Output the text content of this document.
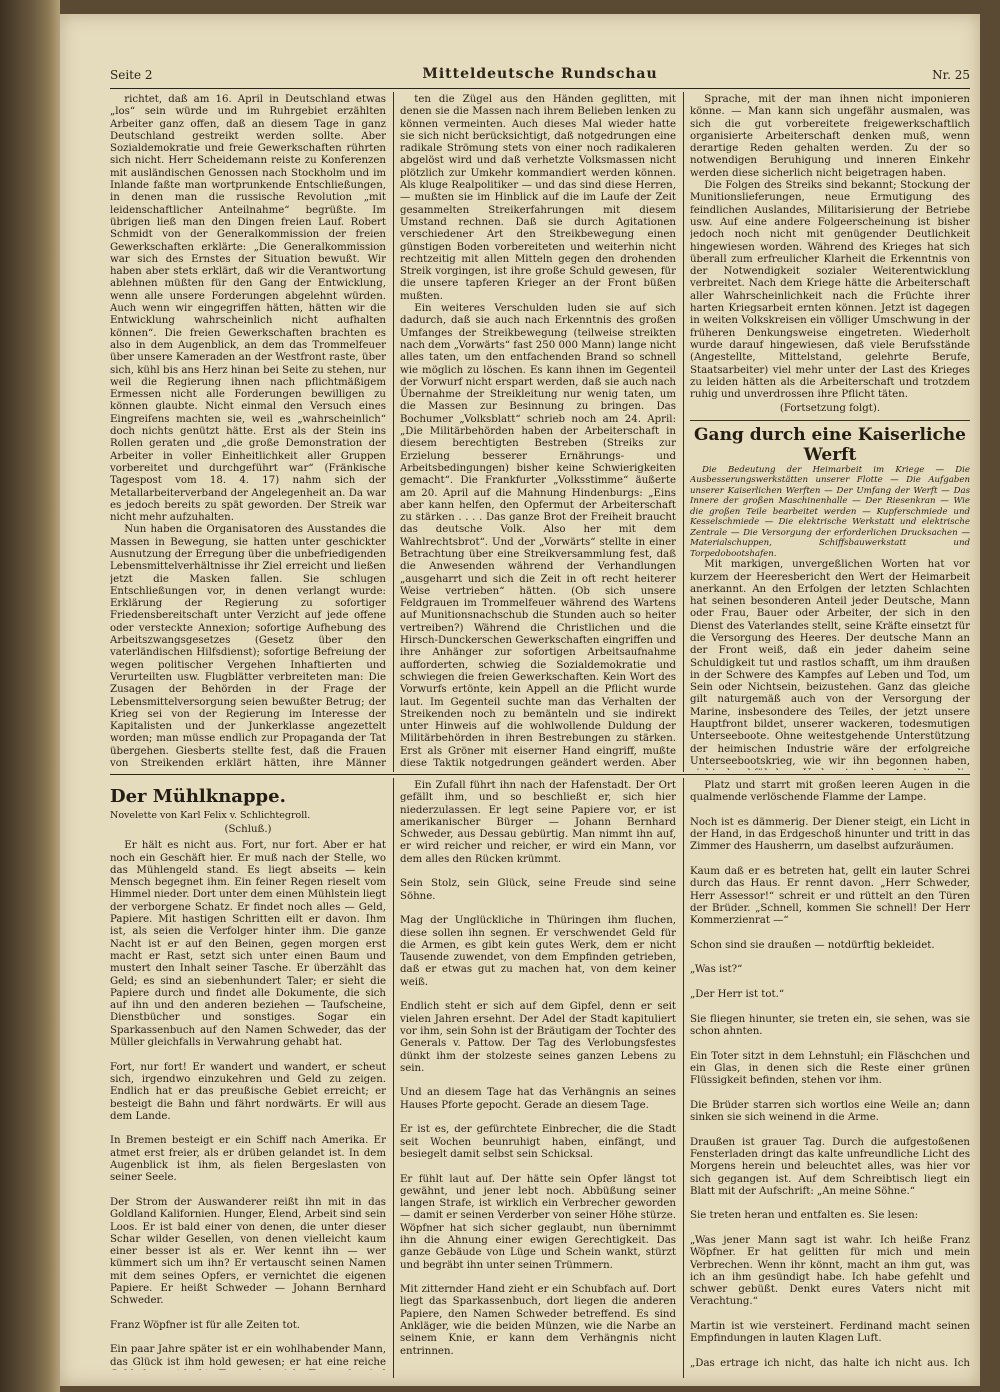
Seite 2	Mitteldeutsche Rundschau	Nr. 25

richtet, daß am 16. April in Deutschland etwas „los“ sein würde und im Ruhrgebiet erzählten Arbeiter ganz offen, daß an diesem Tage in ganz Deutschland gestreikt werden sollte. Aber Sozialdemokratie und freie Gewerkschaften rührten sich nicht. Herr Scheidemann reiste zu Konferenzen mit ausländischen Genossen nach Stockholm und im Inlande faßte man wortprunkende Entschließungen, in denen man die russische Revolution „mit leidenschaftlicher Anteilnahme“ begrüßte. Im übrigen ließ man den Dingen freien Lauf. Robert Schmidt von der Generalkommission der freien Gewerkschaften erklärte: „Die Generalkommission war sich des Ernstes der Situation bewußt. Wir haben aber stets erklärt, daß wir die Verantwortung ablehnen müßten für den Gang der Entwicklung, wenn alle unsere Forderungen abgelehnt würden. Auch wenn wir eingegriffen hätten, hätten wir die Entwicklung wahrscheinlich nicht aufhalten können“. Die freien Gewerkschaften brachten es also in dem Augenblick, an dem das Trommelfeuer über unsere Kameraden an der Westfront raste, über sich, kühl bis ans Herz hinan bei Seite zu stehen, nur weil die Regierung ihnen nach pflichtmäßigem Ermessen nicht alle Forderungen bewilligen zu können glaubte. Nicht einmal den Versuch eines Eingreifens machten sie, weil es „wahrscheinlich“ doch nichts genützt hätte. Erst als der Stein ins Rollen geraten und „die große Demonstration der Arbeiter in voller Einheitlichkeit aller Gruppen vorbereitet und durchgeführt war“ (Fränkische Tagespost vom 18. 4. 17) nahm sich der Metallarbeiterverband der Angelegenheit an. Da war es jedoch bereits zu spät geworden. Der Streik war nicht mehr aufzuhalten.

Nun haben die Organisatoren des Ausstandes die Massen in Bewegung, sie hatten unter geschickter Ausnutzung der Erregung über die unbefriedigenden Lebensmittelverhältnisse ihr Ziel erreicht und ließen jetzt die Masken fallen. Sie schlugen Entschließungen vor, in denen verlangt wurde: Erklärung der Regierung zu sofortiger Friedensbereitschaft unter Verzicht auf jede offene oder versteckte Annexion; sofortige Aufhebung des Arbeitszwangsgesetzes (Gesetz über den vaterländischen Hilfsdienst); sofortige Befreiung der wegen politischer Vergehen Inhaftierten und Verurteilten usw. Flugblätter verbreiteten man: Die Zusagen der Behörden in der Frage der Lebensmittelversorgung seien bewußter Betrug; der Krieg sei von der Regierung im Interesse der Kapitalisten und der Junkerklasse angezettelt worden; man müsse endlich zur Propaganda der Tat übergehen. Giesberts stellte fest, daß die Frauen von Streikenden erklärt hätten, ihre Männer

ten die Zügel aus den Händen geglitten, mit denen sie die Massen nach ihrem Belieben lenken zu können vermeinten. Auch dieses Mal wieder hatte sie sich nicht berücksichtigt, daß notgedrungen eine radikale Strömung stets von einer noch radikaleren abgelöst wird und daß verhetzte Volksmassen nicht plötzlich zur Umkehr kommandiert werden können. Als kluge Realpolitiker — und das sind diese Herren, — mußten sie im Hinblick auf die im Laufe der Zeit gesammelten Streikerfahrungen mit diesem Umstand rechnen. Daß sie durch Agitationen verschiedener Art den Streikbewegung einen günstigen Boden vorbereiteten und weiterhin nicht rechtzeitig mit allen Mitteln gegen den drohenden Streik vorgingen, ist ihre große Schuld gewesen, für die unsere tapferen Krieger an der Front büßen mußten.

Ein weiteres Verschulden luden sie auf sich dadurch, daß sie auch nach Erkenntnis des großen Umfanges der Streikbewegung (teilweise streikten nach dem „Vorwärts“ fast 250 000 Mann) lange nicht alles taten, um den entfachenden Brand so schnell wie möglich zu löschen. Es kann ihnen im Gegenteil der Vorwurf nicht erspart werden, daß sie auch nach Übernahme der Streikleitung nur wenig taten, um die Massen zur Besinnung zu bringen. Das Bochumer „Volksblatt“ schrieb noch am 24. April: „Die Militärbehörden haben der Arbeiterschaft in diesem berechtigten Bestreben (Streiks zur Erzielung besserer Ernährungs- und Arbeitsbedingungen) bisher keine Schwierigkeiten gemacht“. Die Frankfurter „Volksstimme“ äußerte am 20. April auf die Mahnung Hindenburgs: „Eins aber kann helfen, den Opfermut der Arbeiterschaft zu stärken . . . . Das ganze Brot der Freiheit braucht das deutsche Volk. Also her mit dem Wahlrechtsbrot“. Und der „Vorwärts“ stellte in einer Betrachtung über eine Streikversammlung fest, daß die Anwesenden während der Verhandlungen „ausgeharrt und sich die Zeit in oft recht heiterer Weise vertrieben“ hätten. (Ob sich unsere Feldgrauen im Trommelfeuer während des Wartens auf Munitionsnachschub die Stunden auch so heiter vertreiben?) Während die Christlichen und die Hirsch-Dunckerschen Gewerkschaften eingriffen und ihre Anhänger zur sofortigen Arbeitsaufnahme aufforderten, schwieg die Sozialdemokratie und schwiegen die freien Gewerkschaften. Kein Wort des Vorwurfs ertönte, kein Appell an die Pflicht wurde laut. Im Gegenteil suchte man das Verhalten der Streikenden noch zu bemänteln und sie indirekt unter Hinweis auf die wohlwollende Duldung der Militärbehörden in ihren Bestrebungen zu stärken. Erst als Gröner mit eiserner Hand eingriff, mußte diese Taktik notgedrungen geändert werden. Aber

Sprache, mit der man ihnen nicht imponieren könne. — Man kann sich ungefähr ausmalen, was sich die gut vorbereitete freigewerkschaftlich organisierte Arbeiterschaft denken muß, wenn derartige Reden gehalten werden. Zu der so notwendigen Beruhigung und inneren Einkehr werden diese sicherlich nicht beigetragen haben.

Die Folgen des Streiks sind bekannt; Stockung der Munitionslieferungen, neue Ermutigung des feindlichen Auslandes, Militarisierung der Betriebe usw. Auf eine andere Folgeerscheinung ist bisher jedoch noch nicht mit genügender Deutlichkeit hingewiesen worden. Während des Krieges hat sich überall zum erfreulicher Klarheit die Erkenntnis von der Notwendigkeit sozialer Weiterentwicklung verbreitet. Nach dem Kriege hätte die Arbeiterschaft aller Wahrscheinlichkeit nach die Früchte ihrer harten Kriegsarbeit ernten können. Jetzt ist dagegen in weiten Volkskreisen ein völliger Umschwung in der früheren Denkungsweise eingetreten. Wiederholt wurde darauf hingewiesen, daß viele Berufsstände (Angestellte, Mittelstand, gelehrte Berufe, Staatsarbeiter) viel mehr unter der Last des Krieges zu leiden hätten als die Arbeiterschaft und trotzdem ruhig und unverdrossen ihre Pflicht täten.

(Fortsetzung folgt).

Gang durch eine Kaiserliche Werft

Die Bedeutung der Heimarbeit im Kriege — Die Ausbesserungswerkstätten unserer Flotte — Die Aufgaben unserer Kaiserlichen Werften — Der Umfang der Werft — Das Innere der großen Maschinenhalle — Der Riesenkran — Wie die großen Teile bearbeitet werden — Kupferschmiede und Kesselschmiede — Die elektrische Werkstatt und elektrische Zentrale — Die Versorgung der erforderlichen Drucksachen — Materialschuppen, Schiffsbauwerkstatt und Torpedobootshafen.

Mit markigen, unvergeßlichen Worten hat vor kurzem der Heeresbericht den Wert der Heimarbeit anerkannt. An den Erfolgen der letzten Schlachten hat seinen besonderen Anteil jeder Deutsche, Mann oder Frau, Bauer oder Arbeiter, der sich in den Dienst des Vaterlandes stellt, seine Kräfte einsetzt für die Versorgung des Heeres. Der deutsche Mann an der Front weiß, daß ein jeder daheim seine Schuldigkeit tut und rastlos schafft, um ihm draußen in der Schwere des Kampfes auf Leben und Tod, um Sein oder Nichtsein, beizustehen. Ganz das gleiche gilt naturgemäß auch von der Versorgung der Marine, insbesondere des Teiles, der jetzt unsere Hauptfront bildet, unserer wackeren, todesmutigen Unterseeboote. Ohne weitestgehende Unterstützung der heimischen Industrie wäre der erfolgreiche Unterseebootskrieg, wie wir ihn begonnen haben,

Der Mühlknappe.
Novelette von Karl Felix v. Schlichtegroll.

(Schluß.)

Er hält es nicht aus. Fort, nur fort. Aber er hat noch ein Geschäft hier. Er muß nach der Stelle, wo das Mühlengeld stand. Es liegt abseits — kein Mensch begegnet ihm. Ein feiner Regen rieselt vom Himmel nieder. Dort unter dem einen Mühlstein liegt der verborgene Schatz. Er findet noch alles — Geld, Papiere. Mit hastigen Schritten eilt er davon. Ihm ist, als seien die Verfolger hinter ihm. Die ganze Nacht ist er auf den Beinen, gegen morgen erst macht er Rast, setzt sich unter einen Baum und mustert den Inhalt seiner Tasche. Er überzählt das Geld; es sind an siebenhundert Taler; er sieht die Papiere durch und findet alle Dokumente, die sich auf ihn und den anderen beziehen — Taufscheine, Dienstbücher und sonstiges. Sogar ein Sparkassenbuch auf den Namen Schweder, das der Müller gleichfalls in Verwahrung gehabt hat.

Fort, nur fort! Er wandert und wandert, er scheut sich, irgendwo einzukehren und Geld zu zeigen. Endlich hat er das preußische Gebiet erreicht; er besteigt die Bahn und fährt nordwärts. Er will aus dem Lande.

In Bremen besteigt er ein Schiff nach Amerika. Er atmet erst freier, als er drüben gelandet ist. In dem Augenblick ist ihm, als fielen Bergeslasten von seiner Seele.

Der Strom der Auswanderer reißt ihn mit in das Goldland Kalifornien. Hunger, Elend, Arbeit sind sein Loos. Er ist bald einer von denen, die unter dieser Schar wilder Gesellen, von denen vielleicht kaum einer besser ist als er. Wer kennt ihn — wer kümmert sich um ihn? Er vertauscht seinen Namen mit dem seines Opfers, er vernichtet die eigenen Papiere. Er heißt Schweder — Johann Bernhard Schweder.

Franz Wöpfner ist für alle Zeiten tot.

Ein paar Jahre später ist er ein wohlhabender Mann, das Glück ist ihm hold gewesen; er hat eine reiche

Ein Zufall führt ihn nach der Hafenstadt. Der Ort gefällt ihm, und so beschließt er, sich hier niederzulassen. Er legt seine Papiere vor, er ist amerikanischer Bürger — Johann Bernhard Schweder, aus Dessau gebürtig. Man nimmt ihn auf, er wird reicher und reicher, er wird ein Mann, vor dem alles den Rücken krümmt.

Sein Stolz, sein Glück, seine Freude sind seine Söhne.

Mag der Unglückliche in Thüringen ihm fluchen, diese sollen ihn segnen. Er verschwendet Geld für die Armen, es gibt kein gutes Werk, dem er nicht Tausende zuwendet, von dem Empfinden getrieben, daß er etwas gut zu machen hat, von dem keiner weiß.

Endlich steht er sich auf dem Gipfel, denn er seit vielen Jahren ersehnt. Der Adel der Stadt kapituliert vor ihm, sein Sohn ist der Bräutigam der Tochter des Generals v. Pattow. Der Tag des Verlobungsfestes dünkt ihm der stolzeste seines ganzen Lebens zu sein.

Und an diesem Tage hat das Verhängnis an seines Hauses Pforte gepocht. Gerade an diesem Tage.

Er ist es, der gefürchtete Einbrecher, die die Stadt seit Wochen beunruhigt haben, einfängt, und besiegelt damit selbst sein Schicksal.

Er fühlt laut auf. Der hätte sein Opfer längst tot gewähnt, und jener lebt noch. Abbüßung seiner langen Strafe, ist wirklich ein Verbrecher geworden — damit er seinen Verderber von seiner Höhe stürze. Wöpfner hat sich sicher geglaubt, nun übernimmt ihn die Ahnung einer ewigen Gerechtigkeit. Das ganze Gebäude von Lüge und Schein wankt, stürzt und begräbt ihn unter seinen Trümmern.

Mit zitternder Hand zieht er ein Schubfach auf. Dort liegt das Sparkassenbuch, dort liegen die anderen Papiere, den Namen Schweder betreffend. Es sind Ankläger, wie die beiden Münzen, wie die Narbe an seinem Knie, er kann dem Verhängnis nicht entrinnen.

Platz und starrt mit großen leeren Augen in die qualmende verlöschende Flamme der Lampe.

Noch ist es dämmerig. Der Diener steigt, ein Licht in der Hand, in das Erdgeschoß hinunter und tritt in das Zimmer des Hausherrn, um daselbst aufzuräumen.

Kaum daß er es betreten hat, gellt ein lauter Schrei durch das Haus. Er rennt davon. „Herr Schweder, Herr Assessor!“ schreit er und rüttelt an den Türen der Brüder. „Schnell, kommen Sie schnell! Der Herr Kommerzienrat —“

Schon sind sie draußen — notdürftig bekleidet.

„Was ist?“

„Der Herr ist tot.“

Sie fliegen hinunter, sie treten ein, sie sehen, was sie schon ahnten.

Ein Toter sitzt in dem Lehnstuhl; ein Fläschchen und ein Glas, in denen sich die Reste einer grünen Flüssigkeit befinden, stehen vor ihm.

Die Brüder starren sich wortlos eine Weile an; dann sinken sie sich weinend in die Arme.

Draußen ist grauer Tag. Durch die aufgestoßenen Fensterladen dringt das kalte unfreundliche Licht des Morgens herein und beleuchtet alles, was hier vor sich gegangen ist. Auf dem Schreibtisch liegt ein Blatt mit der Aufschrift: „An meine Söhne.“

Sie treten heran und entfalten es. Sie lesen:

„Was jener Mann sagt ist wahr. Ich heiße Franz Wöpfner. Er hat gelitten für mich und mein Verbrechen. Wenn ihr könnt, macht an ihm gut, was ich an ihm gesündigt habe. Ich habe gefehlt und schwer gebüßt. Denkt eures Vaters nicht mit Verachtung.“

Martin ist wie versteinert. Ferdinand macht seinen Empfindungen in lauten Klagen Luft.

„Das ertrage ich nicht, das halte ich nicht aus. Ich
